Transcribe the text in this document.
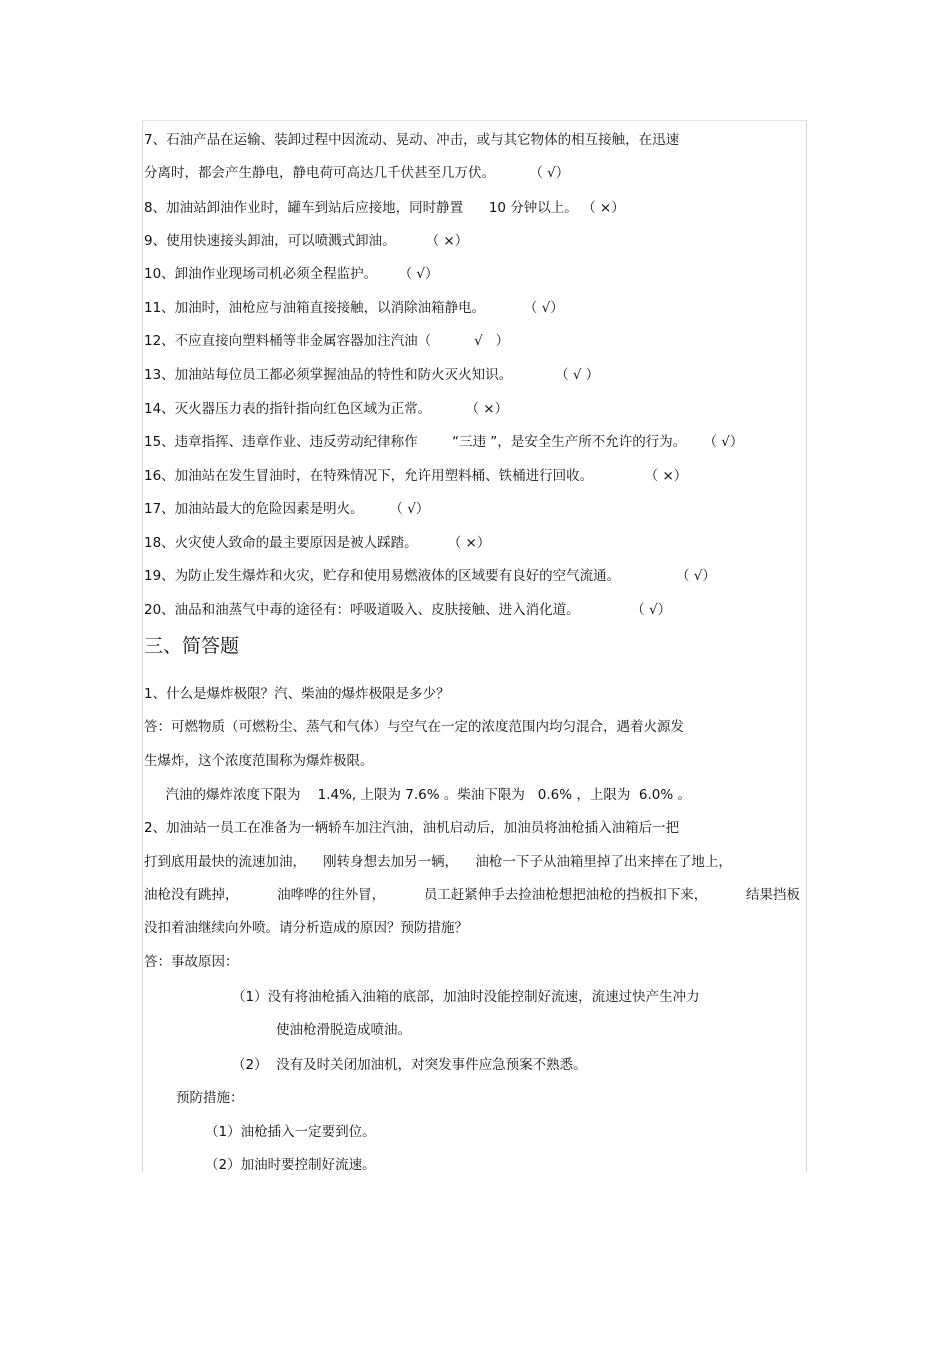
7、石油产品在运输、装卸过程中因流动、晃动、冲击，或与其它物体的相互接触，在迅速
分离时，都会产生静电，静电荷可高达几千伏甚至几万伏。        （ √）
8、加油站卸油作业时，罐车到站后应接地，同时静置      10 分钟以上。 （ ×）
9、使用快速接头卸油，可以喷溅式卸油。       （ ×）
10、卸油作业现场司机必须全程监护。     （ √）
11、加油时，油枪应与油箱直接接触，以消除油箱静电。         （ √）
12、不应直接向塑料桶等非金属容器加注汽油（          √   ）
13、加油站每位员工都必须掌握油品的特性和防火灭火知识。          （ √ ）
14、灭火器压力表的指针指向红色区域为正常。        （ ×）
15、违章指挥、违章作业、违反劳动纪律称作        “三违 ”，是安全生产所不允许的行为。    （ √）
16、加油站在发生冒油时，在特殊情况下，允许用塑料桶、铁桶进行回收。            （ ×）
17、加油站最大的危险因素是明火。      （ √）
18、火灾使人致命的最主要原因是被人踩踏。       （ ×）
19、为防止发生爆炸和火灾，贮存和使用易燃液体的区域要有良好的空气流通。             （ √）
20、油品和油蒸气中毒的途径有：呼吸道吸入、皮肤接触、进入消化道。            （ √）
三、简答题
1、什么是爆炸极限？汽、柴油的爆炸极限是多少？
答：可燃物质（可燃粉尘、蒸气和气体）与空气在一定的浓度范围内均匀混合，遇着火源发
生爆炸，这个浓度范围称为爆炸极限。
汽油的爆炸浓度下限为    1.4%, 上限为 7.6% 。柴油下限为   0.6% ，上限为  6.0% 。
2、加油站一员工在准备为一辆轿车加注汽油，油机启动后，加油员将油枪插入油箱后一把
打到底用最快的流速加油，    刚转身想去加另一辆，    油枪一下子从油箱里掉了出来摔在了地上，
油枪没有跳掉，	油哗哗的往外冒，	员工赶紧伸手去捡油枪想把油枪的挡板扣下来，	结果挡板
没扣着油继续向外喷。请分析造成的原因？预防措施？
答：事故原因：
（1）没有将油枪插入油箱的底部，加油时没能控制好流速，流速过快产生冲力
使油枪滑脱造成喷油。
（2）  没有及时关闭加油机，对突发事件应急预案不熟悉。
预防措施：
（1）油枪插入一定要到位。
（2）加油时要控制好流速。
